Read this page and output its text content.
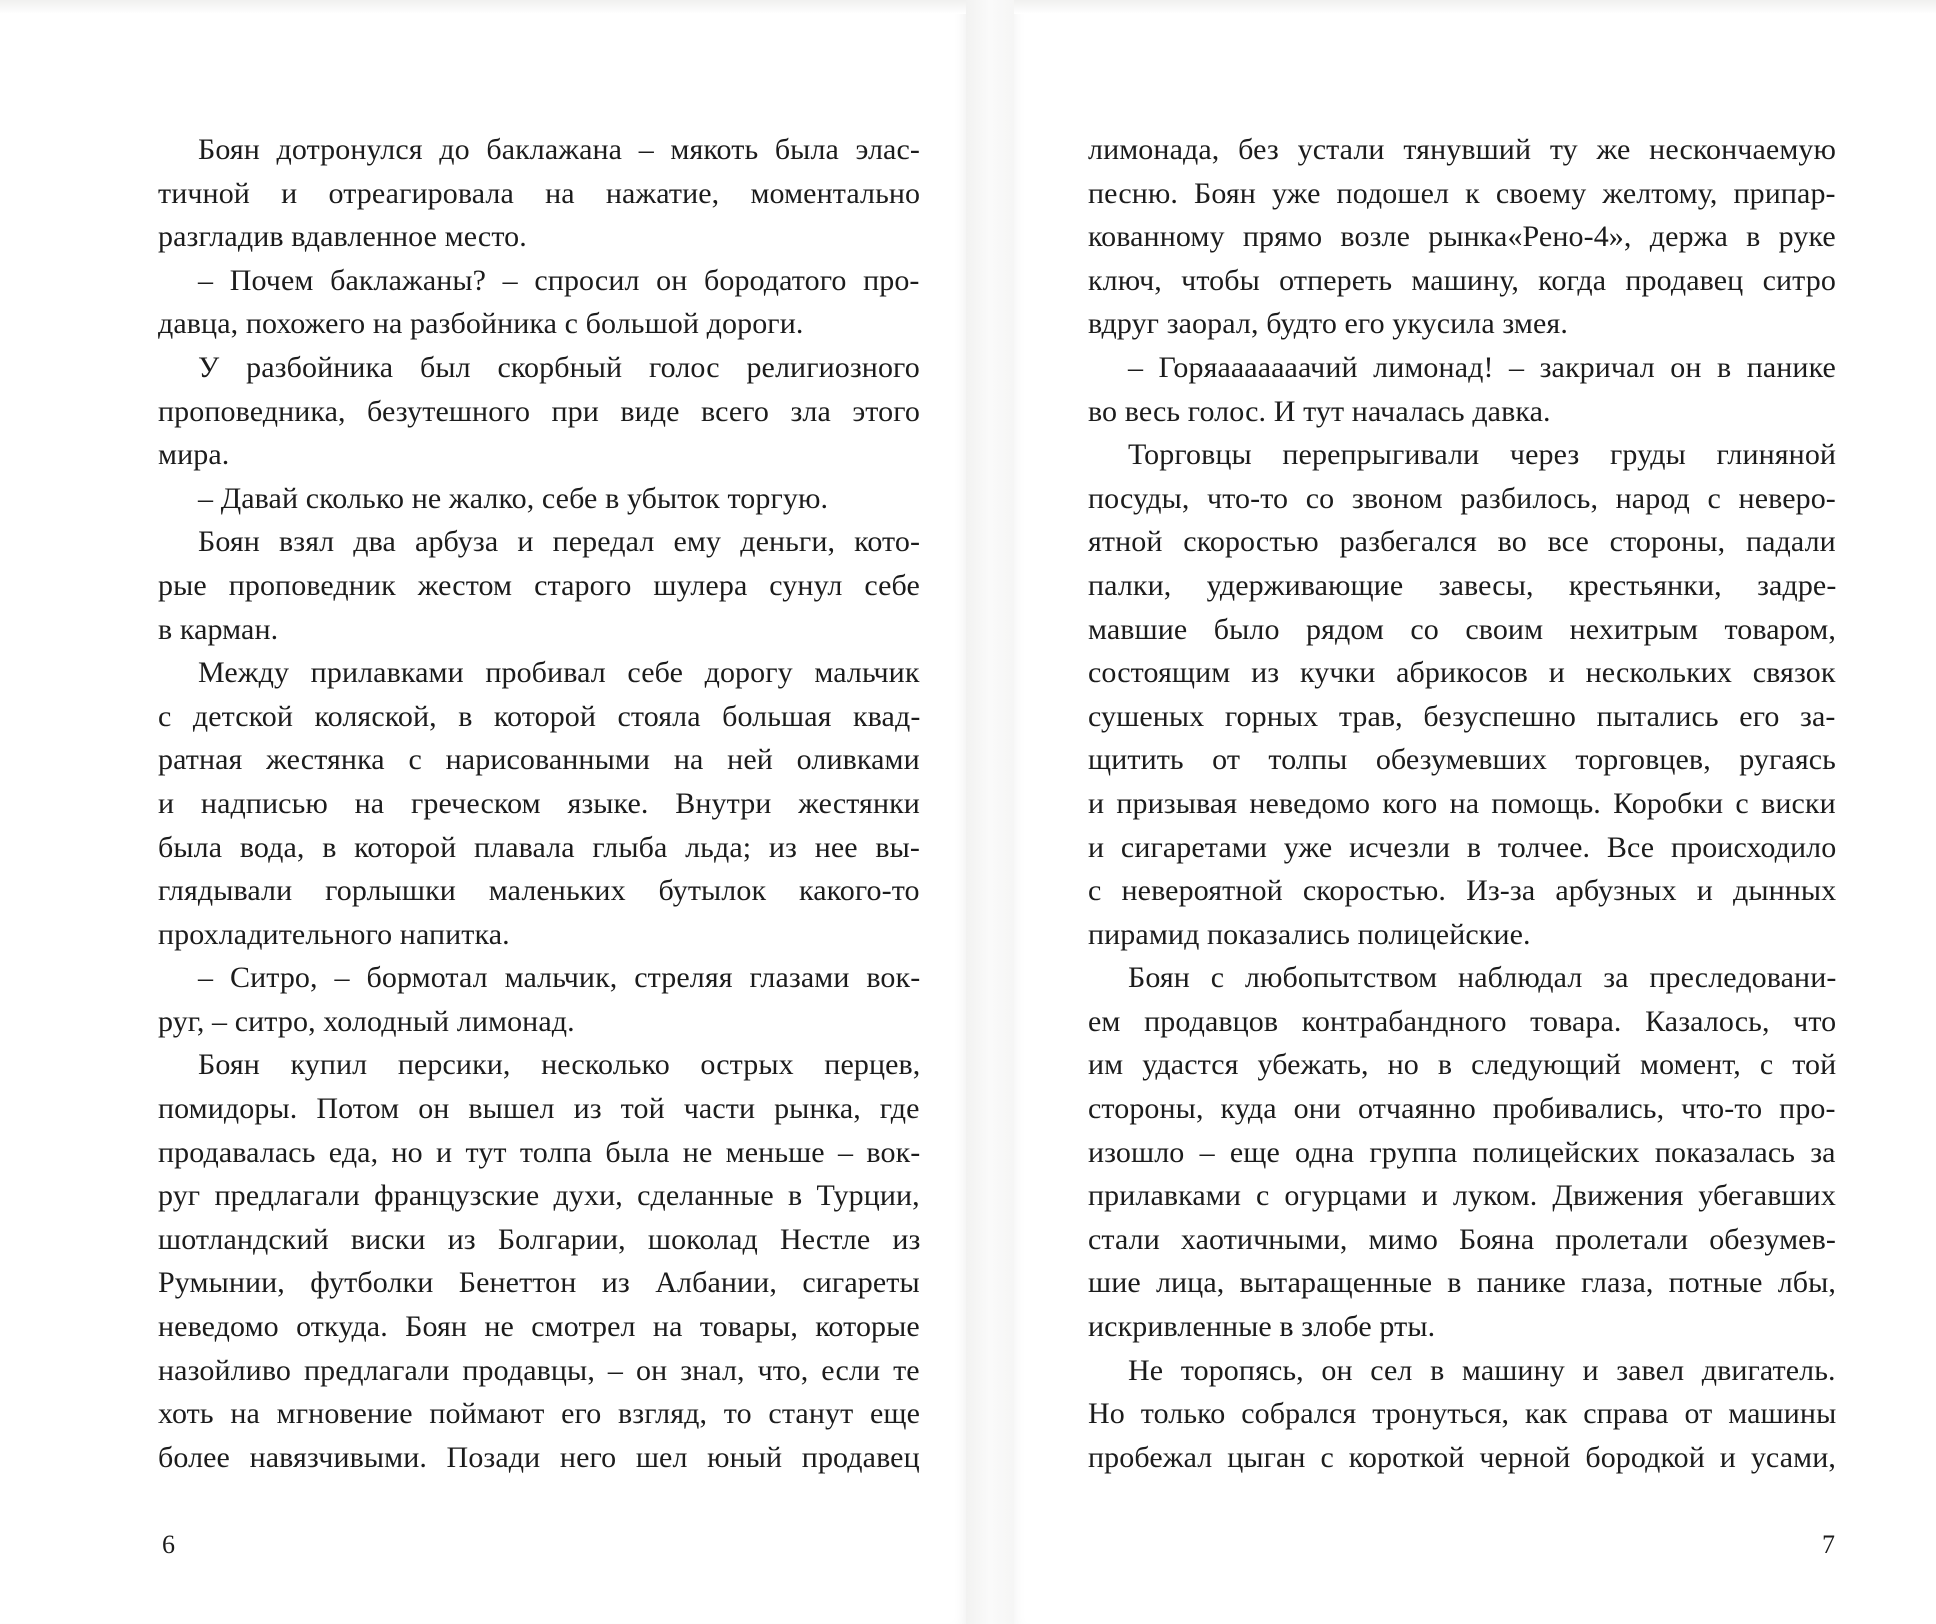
Боян дотронулся до баклажана – мякоть была элас-
тичной и отреагировала на нажатие, моментально
разгладив вдавленное место.
– Почем баклажаны? – спросил он бородатого про-
давца, похожего на разбойника с большой дороги.
У разбойника был скорбный голос религиозного
проповедника, безутешного при виде всего зла этого
мира.
– Давай сколько не жалко, себе в убыток торгую.
Боян взял два арбуза и передал ему деньги, кото-
рые проповедник жестом старого шулера сунул себе
в карман.
Между прилавками пробивал себе дорогу мальчик
с детской коляской, в которой стояла большая квад-
ратная жестянка с нарисованными на ней оливками
и надписью на греческом языке. Внутри жестянки
была вода, в которой плавала глыба льда; из нее вы-
глядывали горлышки маленьких бутылок какого-то
прохладительного напитка.
– Ситро, – бормотал мальчик, стреляя глазами вок-
руг, – ситро, холодный лимонад.
Боян купил персики, несколько острых перцев,
помидоры. Потом он вышел из той части рынка, где
продавалась еда, но и тут толпа была не меньше – вок-
руг предлагали французские духи, сделанные в Турции,
шотландский виски из Болгарии, шоколад Нестле из
Румынии, футболки Бенеттон из Албании, сигареты
неведомо откуда. Боян не смотрел на товары, которые
назойливо предлагали продавцы, – он знал, что, если те
хоть на мгновение поймают его взгляд, то станут еще
более навязчивыми. Позади него шел юный продавец
лимонада, без устали тянувший ту же нескончаемую
песню. Боян уже подошел к своему желтому, припар-
кованному прямо возле рынка«Рено-4», держа в руке
ключ, чтобы отпереть машину, когда продавец ситро
вдруг заорал, будто его укусила змея.
– Горяааааааачий лимонад! – закричал он в панике
во весь голос. И тут началась давка.
Торговцы перепрыгивали через груды глиняной
посуды, что-то со звоном разбилось, народ с неверо-
ятной скоростью разбегался во все стороны, падали
палки, удерживающие завесы, крестьянки, задре-
мавшие было рядом со своим нехитрым товаром,
состоящим из кучки абрикосов и нескольких связок
сушеных горных трав, безуспешно пытались его за-
щитить от толпы обезумевших торговцев, ругаясь
и призывая неведомо кого на помощь. Коробки с виски
и сигаретами уже исчезли в толчее. Все происходило
с невероятной скоростью. Из-за арбузных и дынных
пирамид показались полицейские.
Боян с любопытством наблюдал за преследовани-
ем продавцов контрабандного товара. Казалось, что
им удастся убежать, но в следующий момент, с той
стороны, куда они отчаянно пробивались, что-то про-
изошло – еще одна группа полицейских показалась за
прилавками с огурцами и луком. Движения убегавших
стали хаотичными, мимо Бояна пролетали обезумев-
шие лица, вытаращенные в панике глаза, потные лбы,
искривленные в злобе рты.
Не торопясь, он сел в машину и завел двигатель.
Но только собрался тронуться, как справа от машины
пробежал цыган с короткой черной бородкой и усами,
6	7
